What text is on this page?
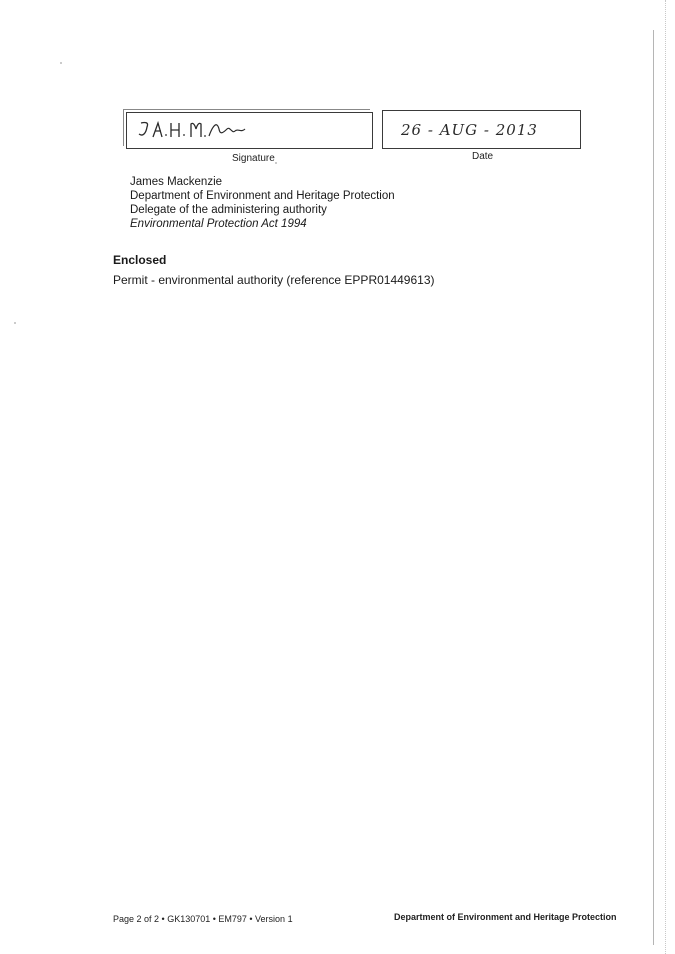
26 - AUG - 2013
Signature	Date
James Mackenzie
Department of Environment and Heritage Protection
Delegate of the administering authority
Environmental Protection Act 1994
Enclosed
Permit - environmental authority (reference EPPR01449613)
Page 2 of 2 • GK130701 • EM797 • Version 1	Department of Environment and Heritage Protection
